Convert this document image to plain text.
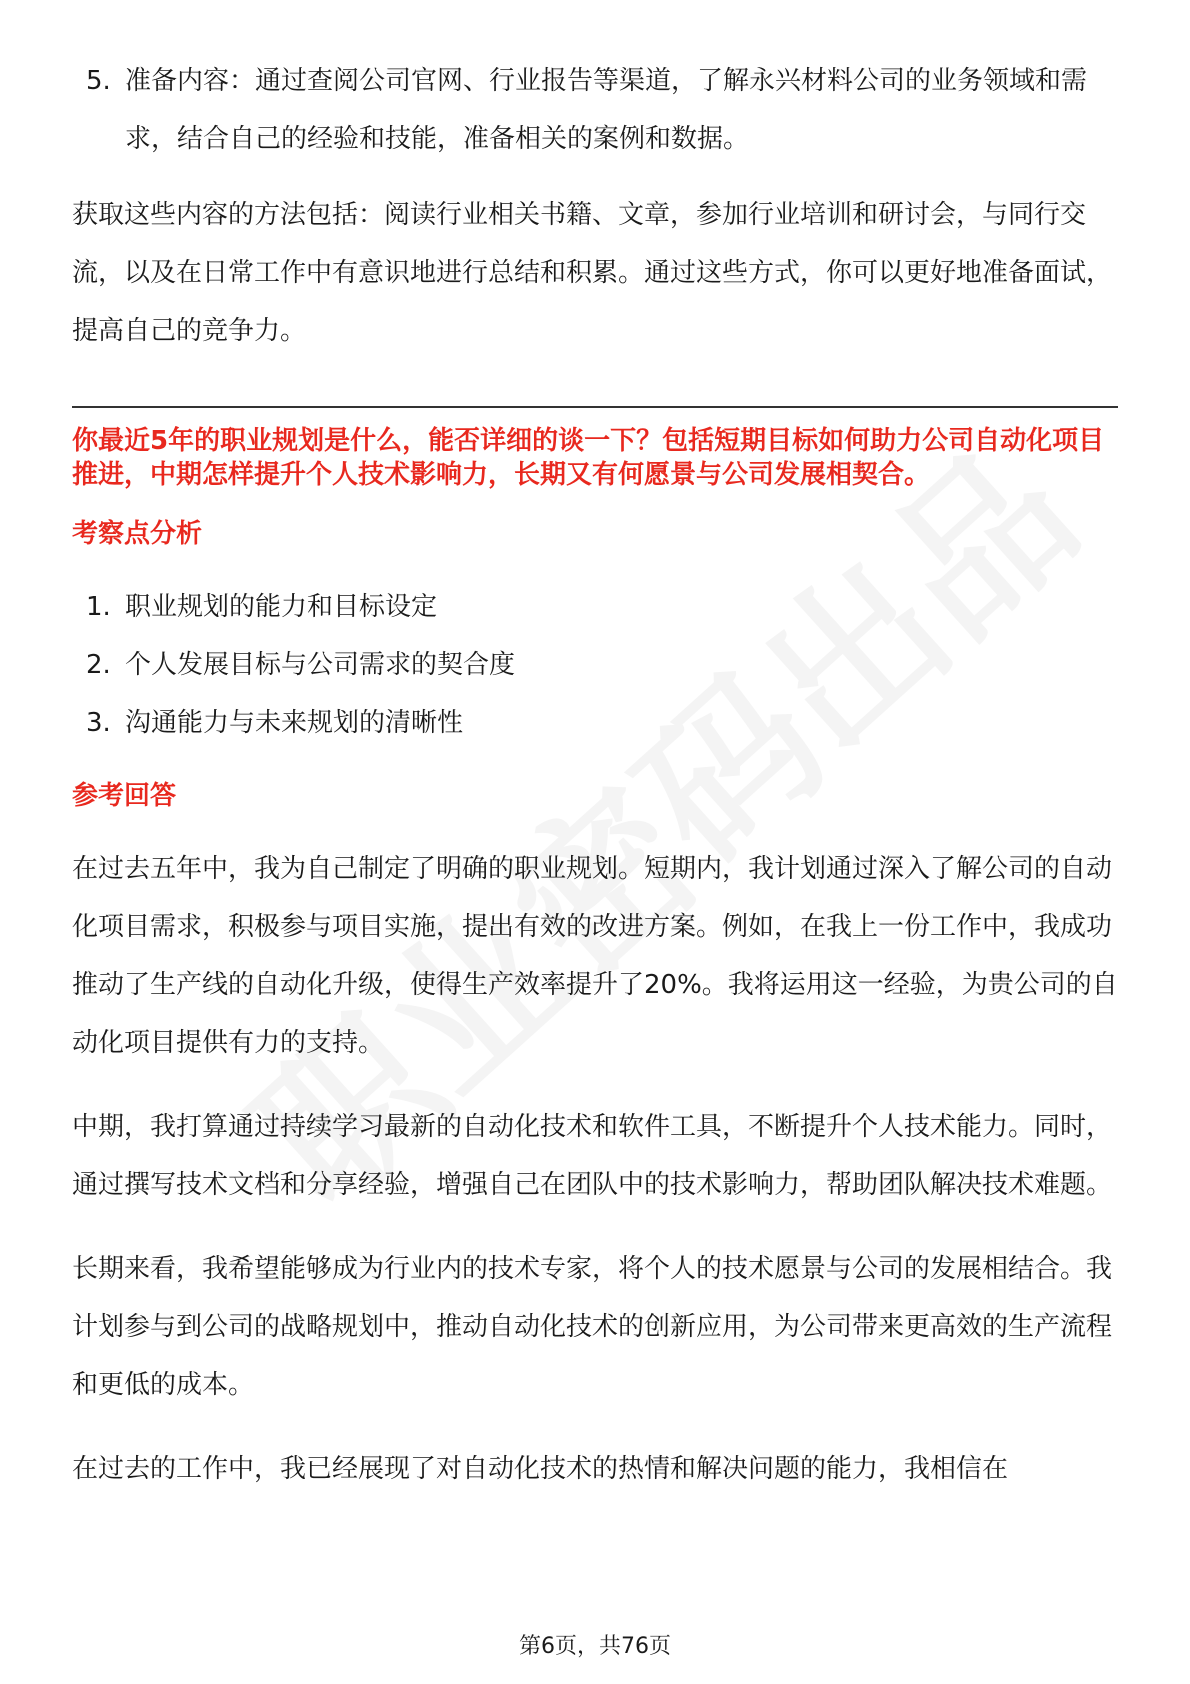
5. 准备内容：通过查阅公司官网、行业报告等渠道，了解永兴材料公司的业务领域和需求，结合自己的经验和技能，准备相关的案例和数据。

获取这些内容的方法包括：阅读行业相关书籍、文章，参加行业培训和研讨会，与同行交流，以及在日常工作中有意识地进行总结和积累。通过这些方式，你可以更好地准备面试，提高自己的竞争力。

你最近5年的职业规划是什么，能否详细的谈一下？包括短期目标如何助力公司自动化项目推进，中期怎样提升个人技术影响力，长期又有何愿景与公司发展相契合。

考察点分析

1. 职业规划的能力和目标设定
2. 个人发展目标与公司需求的契合度
3. 沟通能力与未来规划的清晰性

参考回答

在过去五年中，我为自己制定了明确的职业规划。短期内，我计划通过深入了解公司的自动化项目需求，积极参与项目实施，提出有效的改进方案。例如，在我上一份工作中，我成功推动了生产线的自动化升级，使得生产效率提升了20%。我将运用这一经验，为贵公司的自动化项目提供有力的支持。

中期，我打算通过持续学习最新的自动化技术和软件工具，不断提升个人技术能力。同时，通过撰写技术文档和分享经验，增强自己在团队中的技术影响力，帮助团队解决技术难题。

长期来看，我希望能够成为行业内的技术专家，将个人的技术愿景与公司的发展相结合。我计划参与到公司的战略规划中，推动自动化技术的创新应用，为公司带来更高效的生产流程和更低的成本。

在过去的工作中，我已经展现了对自动化技术的热情和解决问题的能力，我相信在

第6页，共76页
